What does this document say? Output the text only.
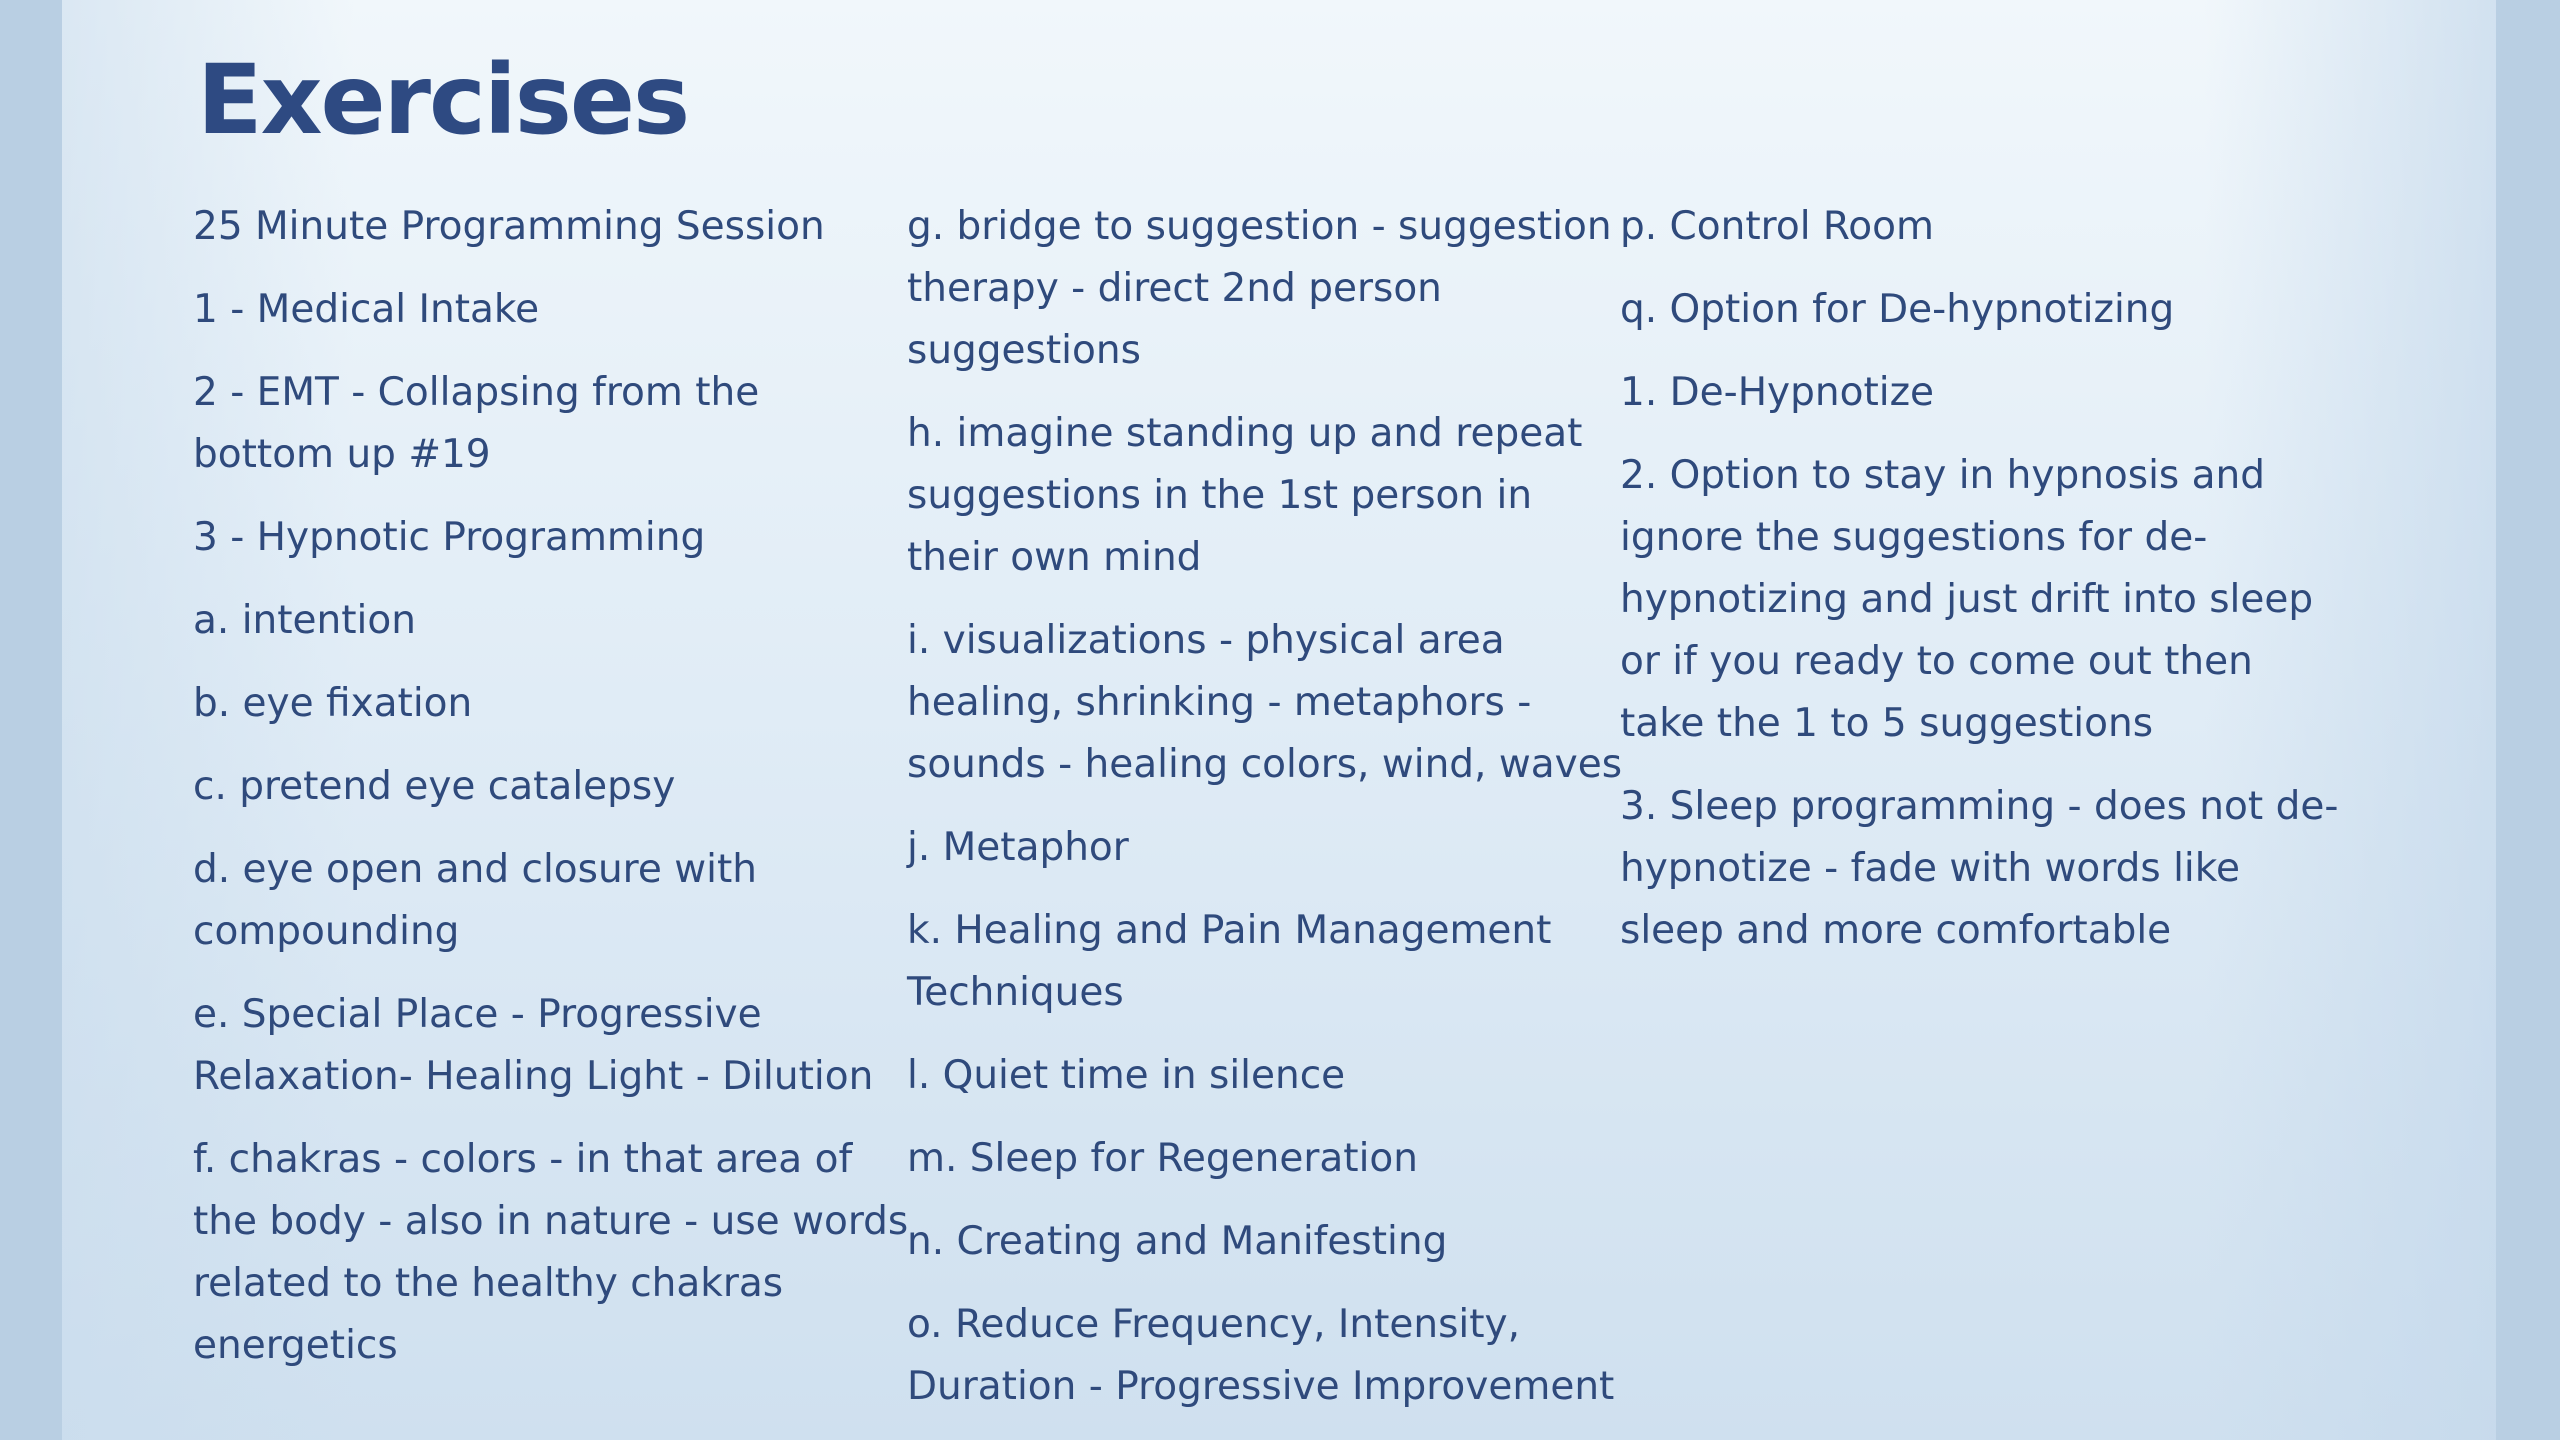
Exercises

25 Minute Programming Session

1 - Medical Intake

2 - EMT - Collapsing from the
bottom up #19

3 - Hypnotic Programming

a. intention

b. eye fixation

c. pretend eye catalepsy

d. eye open and closure with
compounding

e. Special Place - Progressive
Relaxation- Healing Light - Dilution

f. chakras - colors - in that area of
the body - also in nature - use words
related to the healthy chakras
energetics

g. bridge to suggestion - suggestion
therapy - direct 2nd person
suggestions

h. imagine standing up and repeat
suggestions in the 1st person in
their own mind

i. visualizations - physical area
healing, shrinking - metaphors -
sounds - healing colors, wind, waves

j. Metaphor

k. Healing and Pain Management
Techniques

l. Quiet time in silence

m. Sleep for Regeneration

n. Creating and Manifesting

o. Reduce Frequency, Intensity,
Duration - Progressive Improvement

p. Control Room

q. Option for De-hypnotizing

1. De-Hypnotize

2. Option to stay in hypnosis and
ignore the suggestions for de-
hypnotizing and just drift into sleep
or if you ready to come out then
take the 1 to 5 suggestions

3. Sleep programming - does not de-
hypnotize - fade with words like
sleep and more comfortable
